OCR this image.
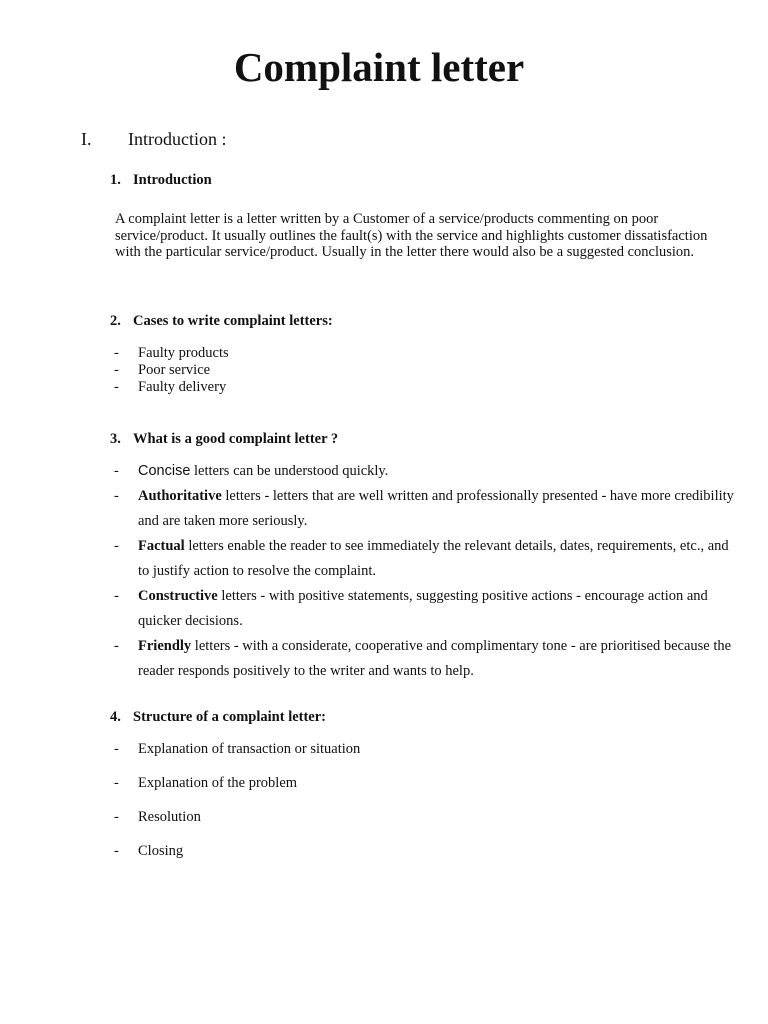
Complaint letter
I. Introduction :
1. Introduction

A complaint letter is a letter written by a Customer of a service/products commenting on poor service/product. It usually outlines the fault(s) with the service and highlights customer dissatisfaction with the particular service/product. Usually in the letter there would also be a suggested conclusion.

2. Cases to write complaint letters:
- Faulty products
- Poor service
- Faulty delivery
3. What is a good complaint letter ?
- Concise letters can be understood quickly.
- Authoritative letters - letters that are well written and professionally presented - have more credibility and are taken more seriously.
- Factual letters enable the reader to see immediately the relevant details, dates, requirements, etc., and to justify action to resolve the complaint.
- Constructive letters - with positive statements, suggesting positive actions - encourage action and quicker decisions.
- Friendly letters - with a considerate, cooperative and complimentary tone - are prioritised because the reader responds positively to the writer and wants to help.
4. Structure of a complaint letter:
- Explanation of transaction or situation
- Explanation of the problem
- Resolution
- Closing
